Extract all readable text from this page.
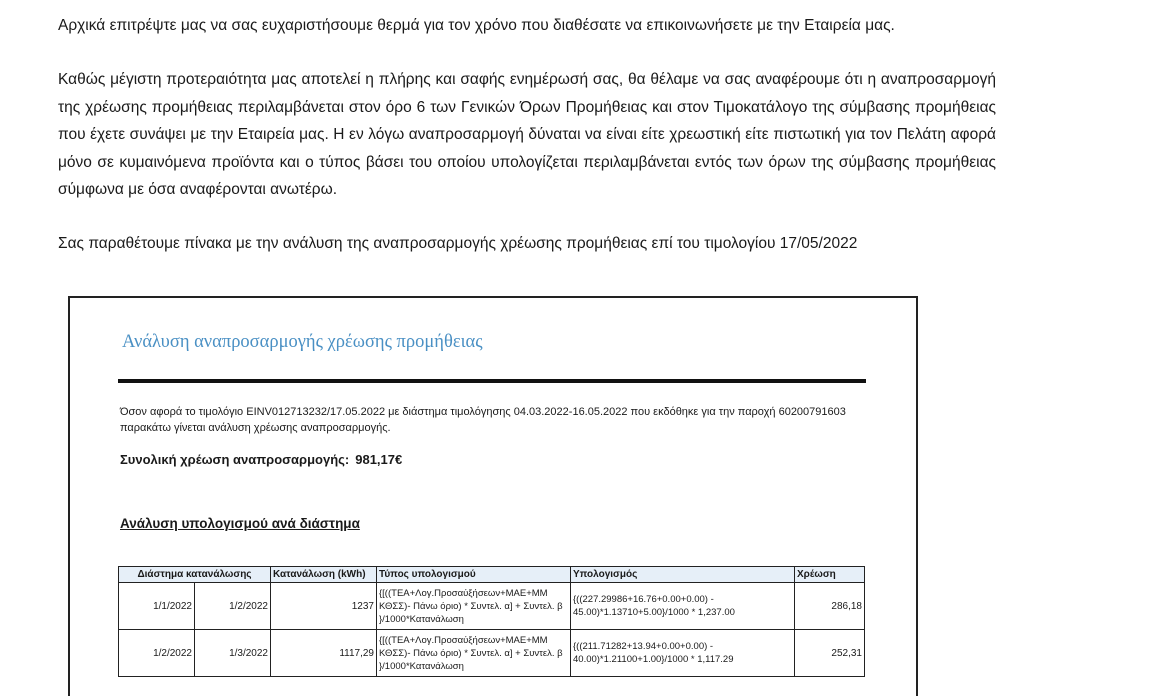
Αρχικά επιτρέψτε μας να σας ευχαριστήσουμε θερμά για τον χρόνο που διαθέσατε να επικοινωνήσετε με την Εταιρεία μας.
Καθώς μέγιστη προτεραιότητα μας αποτελεί η πλήρης και σαφής ενημέρωσή σας, θα θέλαμε να σας αναφέρουμε ότι η αναπροσαρμογή της χρέωσης προμήθειας περιλαμβάνεται στον όρο 6 των Γενικών Όρων Προμήθειας και στον Τιμοκατάλογο της σύμβασης προμήθειας που έχετε συνάψει με την Εταιρεία μας. Η εν λόγω αναπροσαρμογή δύναται να είναι είτε χρεωστική είτε πιστωτική για τον Πελάτη αφορά μόνο σε κυμαινόμενα προϊόντα και ο τύπος βάσει του οποίου υπολογίζεται περιλαμβάνεται εντός των όρων της σύμβασης προμήθειας σύμφωνα με όσα αναφέρονται ανωτέρω.
Σας παραθέτουμε πίνακα με την ανάλυση της αναπροσαρμογής χρέωσης προμήθειας επί του τιμολογίου 17/05/2022
Ανάλυση αναπροσαρμογής χρέωσης προμήθειας
Όσον αφορά το τιμολόγιο EINV012713232/17.05.2022 με διάστημα τιμολόγησης 04.03.2022-16.05.2022 που εκδόθηκε για την παροχή 60200791603 παρακάτω γίνεται ανάλυση χρέωσης αναπροσαρμογής.
Συνολική χρέωση αναπροσαρμογής: 981,17€
Ανάλυση υπολογισμού ανά διάστημα
Διάστημα κατανάλωσης		Κατανάλωση (kWh)	Τύπος υπολογισμού	Υπολογισμός	Χρέωση
1/1/2022	1/2/2022	1237	{[((ΤΕΑ+Λογ.Προσαύξήσεων+ΜΑΕ+ΜΜ ΚΘΣΣ)- Πάνω όριο) * Συντελ. α] + Συντελ. β }/1000*Κατανάλωση	{((227.29986+16.76+0.00+0.00) - 45.00)*1.13710+5.00}/1000 * 1,237.00	286,18
1/2/2022	1/3/2022	1117,29	{[((ΤΕΑ+Λογ.Προσαύξήσεων+ΜΑΕ+ΜΜ ΚΘΣΣ)- Πάνω όριο) * Συντελ. α] + Συντελ. β }/1000*Κατανάλωση	{((211.71282+13.94+0.00+0.00) - 40.00)*1.21100+1.00}/1000 * 1,117.29	252,31
